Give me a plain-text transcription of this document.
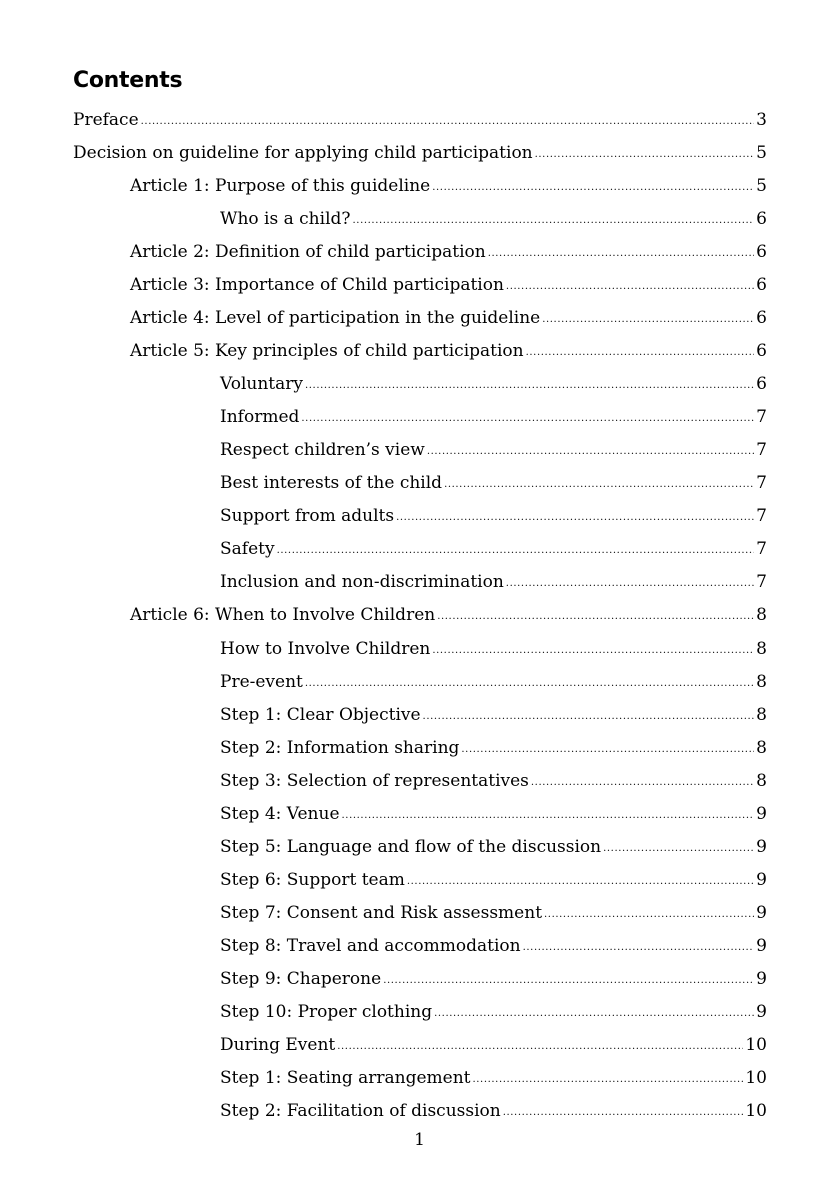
Contents
Preface .....	3
Decision on guideline for applying child participation .....	5
Article 1: Purpose of this guideline .....	5
Who is a child? .....	6
Article 2: Definition of child participation .....	6
Article 3: Importance of Child participation .....	6
Article 4: Level of participation in the guideline .....	6
Article 5: Key principles of child participation .....	6
Voluntary .....	6
Informed .....	7
Respect children’s view .....	7
Best interests of the child .....	7
Support from adults .....	7
Safety .....	7
Inclusion and non-discrimination .....	7
Article 6: When to Involve Children .....	8
How to Involve Children .....	8
Pre-event .....	8
Step 1: Clear Objective .....	8
Step 2: Information sharing .....	8
Step 3: Selection of representatives .....	8
Step 4: Venue .....	9
Step 5: Language and flow of the discussion .....	9
Step 6: Support team .....	9
Step 7: Consent and Risk assessment .....	9
Step 8: Travel and accommodation .....	9
Step 9: Chaperone .....	9
Step 10: Proper clothing .....	9
During Event .....	10
Step 1: Seating arrangement .....	10
Step 2: Facilitation of discussion .....	10
1
